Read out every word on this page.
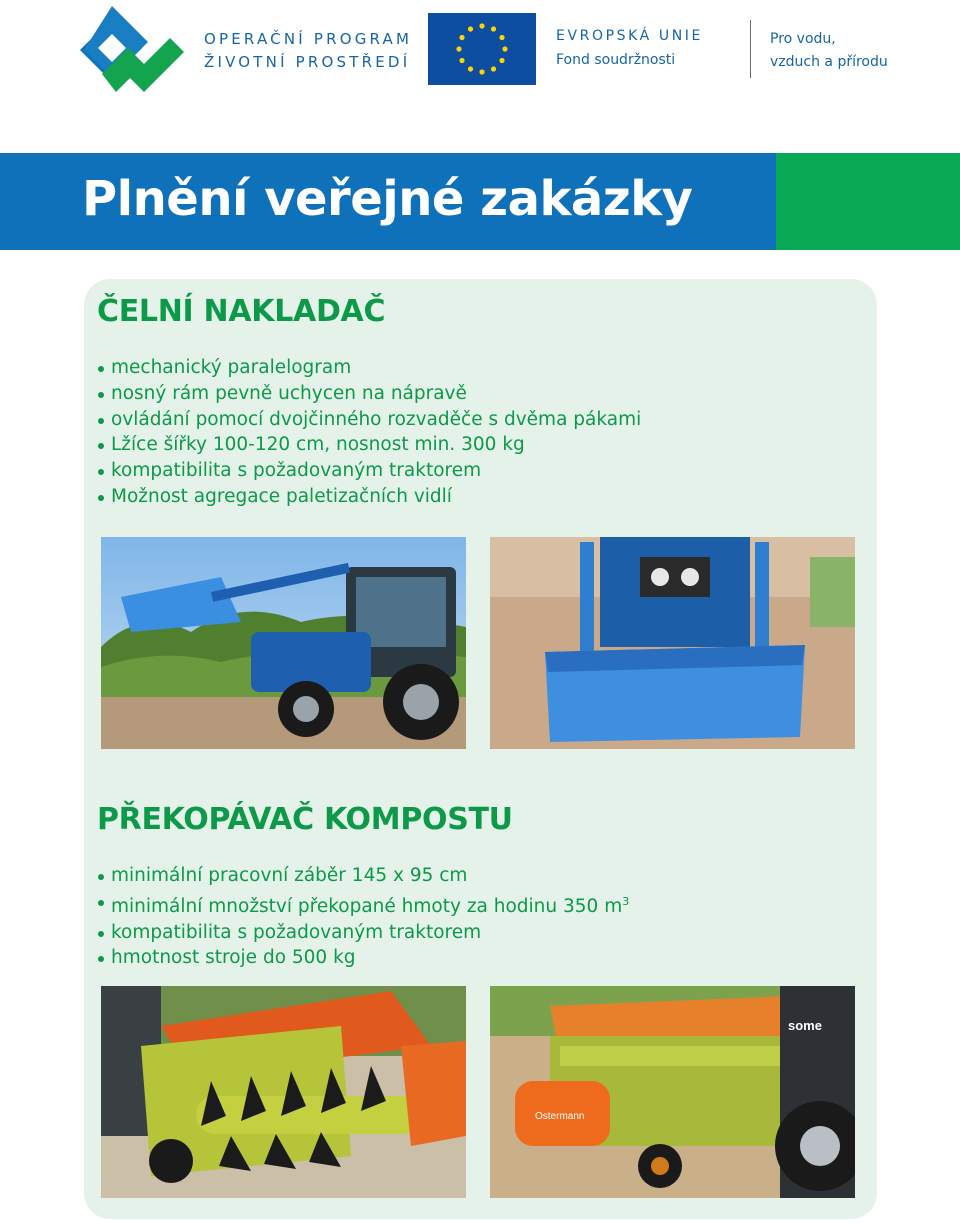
OPERAČNÍ PROGRAM
ŽIVOTNÍ PROSTŘEDÍ
EVROPSKÁ UNIE
Fond soudržnosti
Pro vodu,
vzduch a přírodu
Plnění veřejné zakázky
ČELNÍ NAKLADAČ
mechanický paralelogram
nosný rám pevně uchycen na nápravě
ovládání pomocí dvojčinného rozvaděče s dvěma pákami
Lžíce šířky 100-120 cm, nosnost min. 300 kg
kompatibilita s požadovaným traktorem
Možnost agregace paletizačních vidlí
PŘEKOPÁVAČ KOMPOSTU
minimální pracovní záběr 145 x 95 cm
minimální množství překopané hmoty za hodinu 350 $m^3$
kompatibilita s požadovaným traktorem
hmotnost stroje do 500 kg
Ostermann
some
